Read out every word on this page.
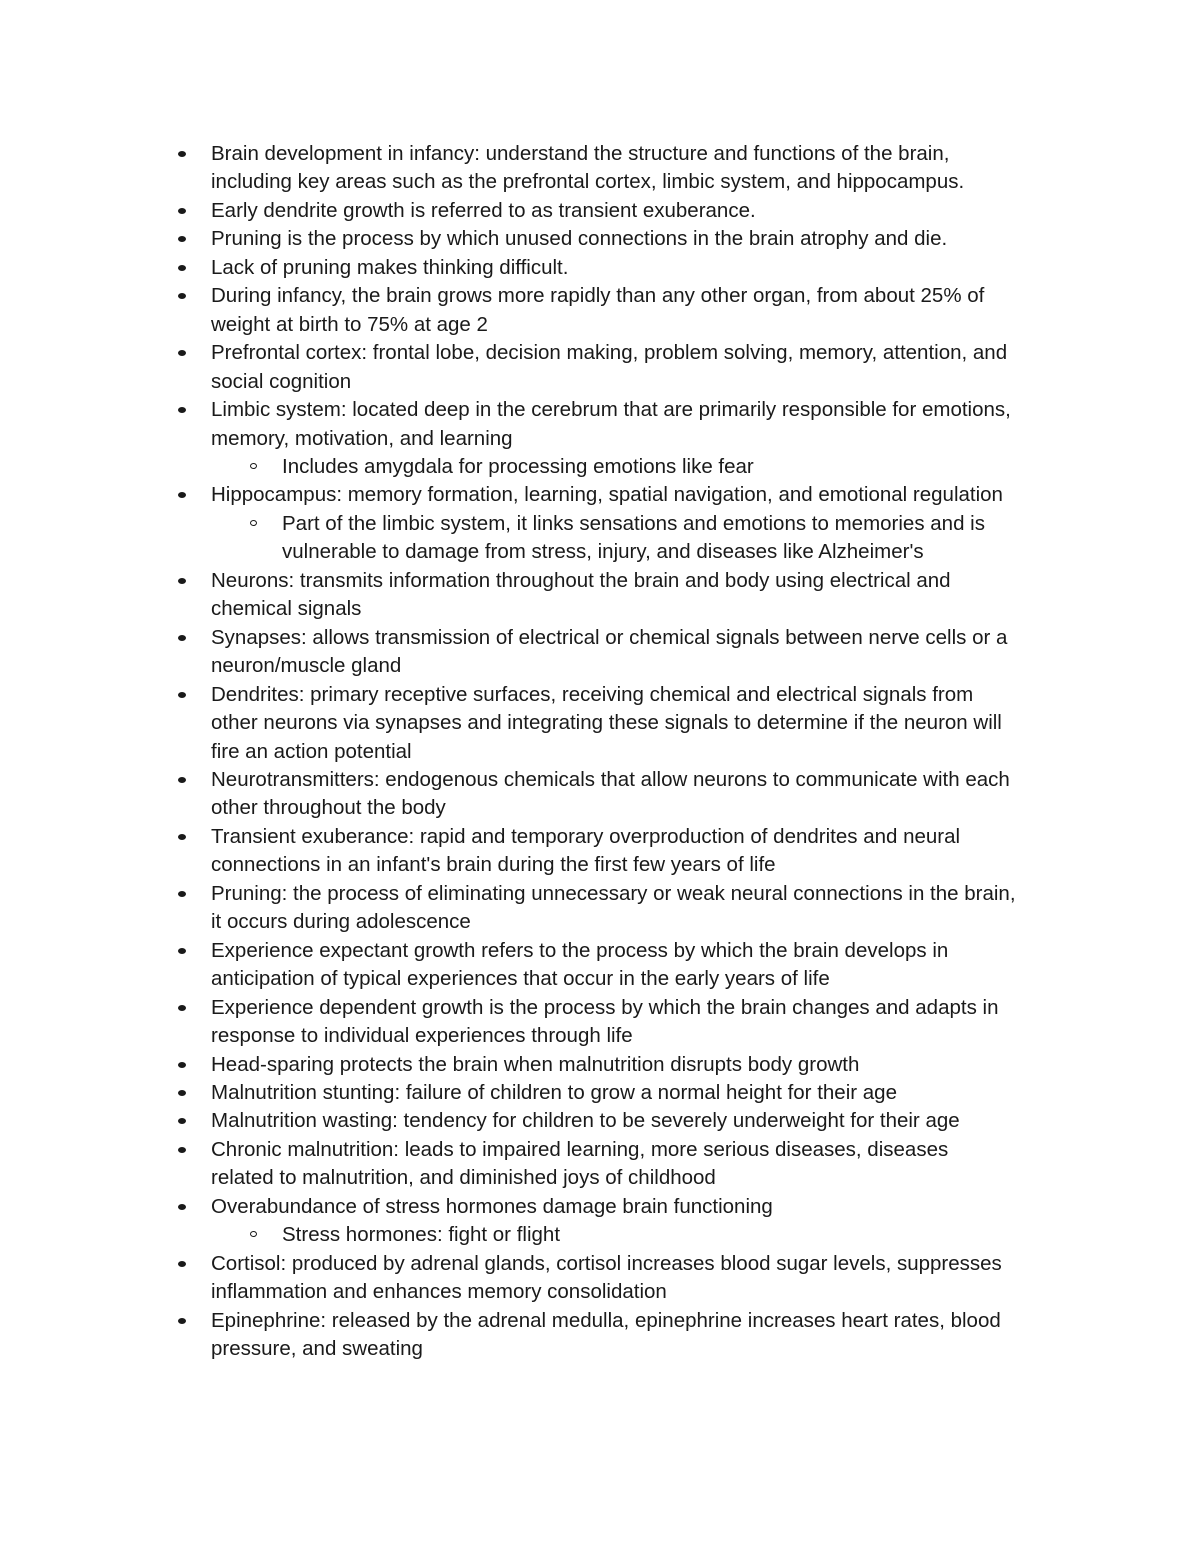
Brain development in infancy: understand the structure and functions of the brain,
including key areas such as the prefrontal cortex, limbic system, and hippocampus.
Early dendrite growth is referred to as transient exuberance.
Pruning is the process by which unused connections in the brain atrophy and die.
Lack of pruning makes thinking difficult.
During infancy, the brain grows more rapidly than any other organ, from about 25% of
weight at birth to 75% at age 2
Prefrontal cortex: frontal lobe, decision making, problem solving, memory, attention, and
social cognition
Limbic system: located deep in the cerebrum that are primarily responsible for emotions,
memory, motivation, and learning
Includes amygdala for processing emotions like fear
Hippocampus: memory formation, learning, spatial navigation, and emotional regulation
Part of the limbic system, it links sensations and emotions to memories and is
vulnerable to damage from stress, injury, and diseases like Alzheimer's
Neurons: transmits information throughout the brain and body using electrical and
chemical signals
Synapses: allows transmission of electrical or chemical signals between nerve cells or a
neuron/muscle gland
Dendrites: primary receptive surfaces, receiving chemical and electrical signals from
other neurons via synapses and integrating these signals to determine if the neuron will
fire an action potential
Neurotransmitters: endogenous chemicals that allow neurons to communicate with each
other throughout the body
Transient exuberance: rapid and temporary overproduction of dendrites and neural
connections in an infant's brain during the first few years of life
Pruning: the process of eliminating unnecessary or weak neural connections in the brain,
it occurs during adolescence
Experience expectant growth refers to the process by which the brain develops in
anticipation of typical experiences that occur in the early years of life
Experience dependent growth is the process by which the brain changes and adapts in
response to individual experiences through life
Head-sparing protects the brain when malnutrition disrupts body growth
Malnutrition stunting: failure of children to grow a normal height for their age
Malnutrition wasting: tendency for children to be severely underweight for their age
Chronic malnutrition: leads to impaired learning, more serious diseases, diseases
related to malnutrition, and diminished joys of childhood
Overabundance of stress hormones damage brain functioning
Stress hormones: fight or flight
Cortisol: produced by adrenal glands, cortisol increases blood sugar levels, suppresses
inflammation and enhances memory consolidation
Epinephrine: released by the adrenal medulla, epinephrine increases heart rates, blood
pressure, and sweating
